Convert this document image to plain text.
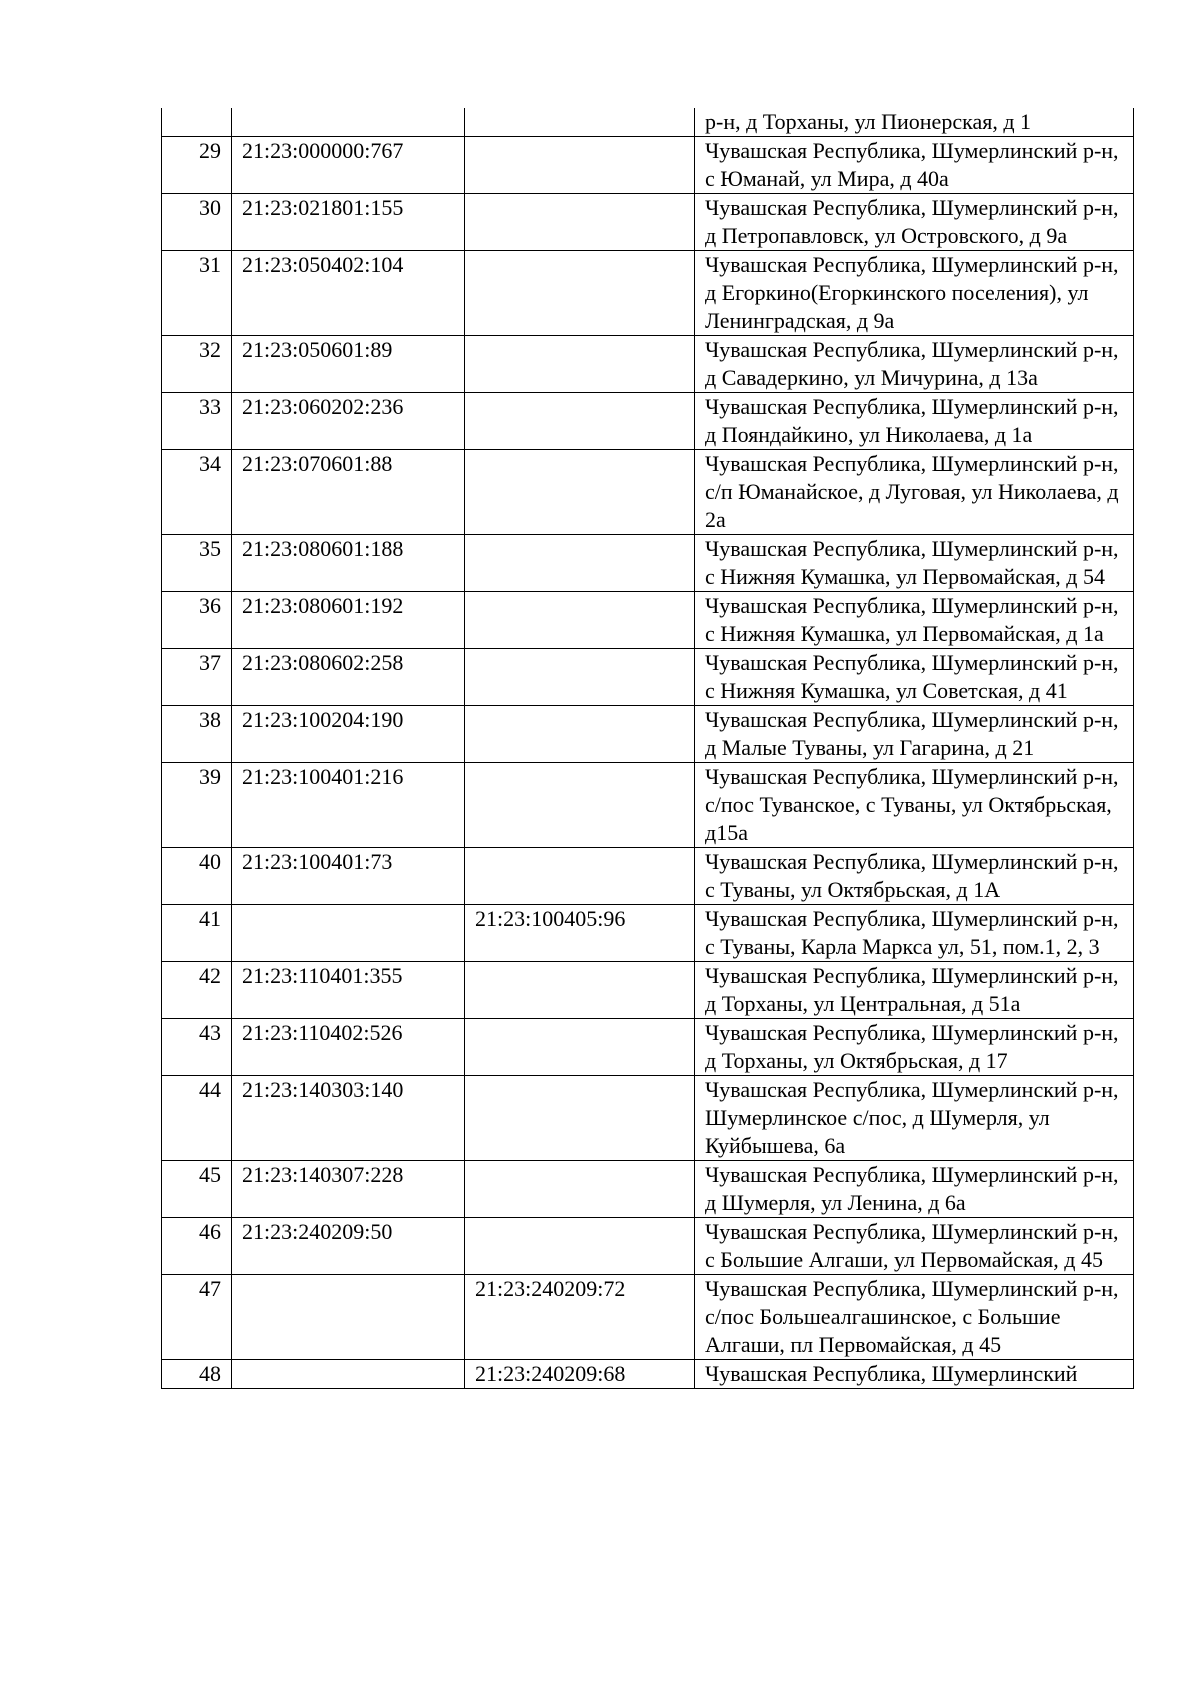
			р-н, д Торханы, ул Пионерская, д 1
29	21:23:000000:767		Чувашская Республика, Шумерлинский р-н, с Юманай, ул Мира, д 40а
30	21:23:021801:155		Чувашская Республика, Шумерлинский р-н, д Петропавловск, ул Островского, д 9а
31	21:23:050402:104		Чувашская Республика, Шумерлинский р-н, д Егоркино(Егоркинского поселения), ул Ленинградская, д 9а
32	21:23:050601:89		Чувашская Республика, Шумерлинский р-н, д Савадеркино, ул Мичурина, д 13а
33	21:23:060202:236		Чувашская Республика, Шумерлинский р-н, д Пояндайкино, ул Николаева, д 1а
34	21:23:070601:88		Чувашская Республика, Шумерлинский р-н, с/п Юманайское, д Луговая, ул Николаева, д 2а
35	21:23:080601:188		Чувашская Республика, Шумерлинский р-н, с Нижняя Кумашка, ул Первомайская, д 54
36	21:23:080601:192		Чувашская Республика, Шумерлинский р-н, с Нижняя Кумашка, ул Первомайская, д 1а
37	21:23:080602:258		Чувашская Республика, Шумерлинский р-н, с Нижняя Кумашка, ул Советская, д 41
38	21:23:100204:190		Чувашская Республика, Шумерлинский р-н, д Малые Туваны, ул Гагарина, д 21
39	21:23:100401:216		Чувашская Республика, Шумерлинский р-н, с/пос Туванское, с Туваны, ул Октябрьская, д15а
40	21:23:100401:73		Чувашская Республика, Шумерлинский р-н, с Туваны, ул Октябрьская, д 1А
41		21:23:100405:96	Чувашская Республика, Шумерлинский р-н, с Туваны, Карла Маркса ул, 51, пом.1, 2, 3
42	21:23:110401:355		Чувашская Республика, Шумерлинский р-н, д Торханы, ул Центральная, д 51а
43	21:23:110402:526		Чувашская Республика, Шумерлинский р-н, д Торханы, ул Октябрьская, д 17
44	21:23:140303:140		Чувашская Республика, Шумерлинский р-н, Шумерлинское с/пос, д Шумерля, ул Куйбышева, 6а
45	21:23:140307:228		Чувашская Республика, Шумерлинский р-н, д Шумерля, ул Ленина, д 6а
46	21:23:240209:50		Чувашская Республика, Шумерлинский р-н, с Большие Алгаши, ул Первомайская, д 45
47		21:23:240209:72	Чувашская Республика, Шумерлинский р-н, с/пос Большеалгашинское, с Большие Алгаши, пл Первомайская, д 45
48		21:23:240209:68	Чувашская Республика, Шумерлинский
